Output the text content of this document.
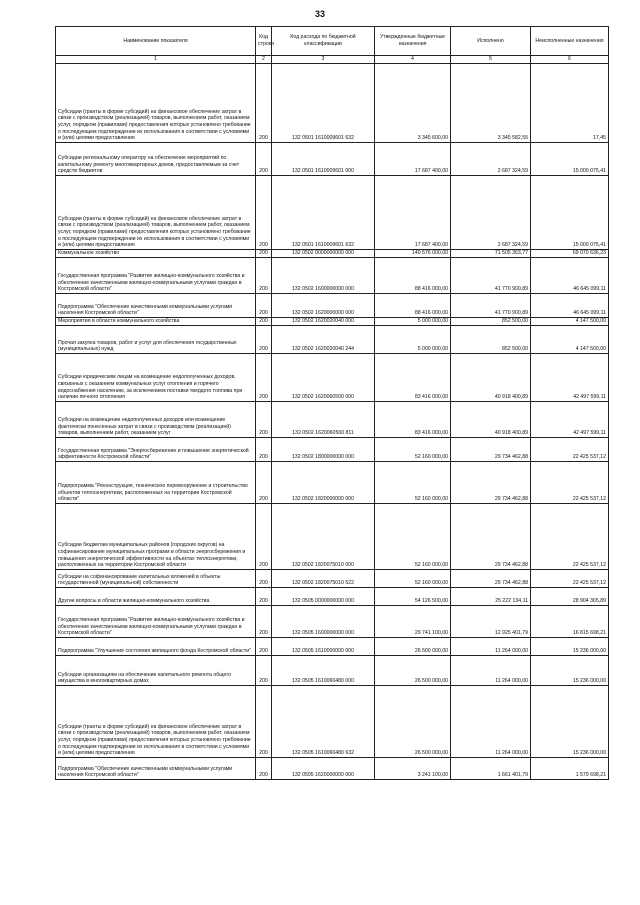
33
Наименование показателя	Код строки	Код расхода по бюджетной классификации	Утвержденные бюджетные назначения	Исполнено	Неисполненные назначения
1	2	3	4	5	6
Субсидии (гранты в форме субсидий) на финансовое обеспечение затрат в связи с производством (реализацией) товаров, выполнением работ, оказанием услуг, порядком (правилами) предоставления которых установлено требование о последующем подтверждении их использования в соответствии с условиями и (или) целями предоставления	200	132 0501 1610009601 632	3 345 600,00	3 345 582,55	17,45
Субсидии региональному оператору на обеспечение мероприятий по капитальному ремонту многоквартирных домов, предоставляемым за счет средств бюджетов	200	132 0501 1610009601 000	17 687 400,00	2 687 324,59	15 000 075,41
Субсидии (гранты в форме субсидий) на финансовое обеспечение затрат в связи с производством (реализацией) товаров, выполнением работ, оказанием услуг, порядком (правилами) предоставления которых установлено требование о последующем подтверждении их использования в соответствии с условиями и (или) целями предоставления	200	132 0501 1610009601 632	17 687 400,00	2 687 324,59	15 000 075,41
Коммунальное хозяйство	200	132 0502 0000000000 000	140 576 000,00	71 505 363,77	69 070 636,23
Государственная программа "Развитие жилищно-коммунального хозяйства и обеспечение качественными жилищно-коммунальными услугами граждан в Костромской области"	200	132 0502 1600000000 000	88 416 000,00	41 770 900,89	46 645 099,11
Подпрограмма "Обеспечение качественными коммунальными услугами населения Костромской области"	200	132 0502 1620000000 000	88 416 000,00	41 770 900,89	46 645 099,11
Мероприятия в области коммунального хозяйства	200	132 0502 1620020040 000	5 000 000,00	852 500,00	4 147 500,00
Прочая закупка товаров, работ и услуг для обеспечения государственных (муниципальных) нужд	200	132 0502 1620020040 244	5 000 000,00	852 500,00	4 147 500,00
Субсидии юридическим лицам на возмещение недополученных доходов, связанных с оказанием коммунальных услуг отопления и горячего водоснабжения населению, за исключением поставки твердого топлива при наличии печного отопления	200	132 0502 1620060500 000	83 416 000,00	40 918 400,89	42 497 599,11
Субсидии на возмещение недополученных доходов или возмещение фактически понесенных затрат в связи с производством (реализацией) товаров, выполнением работ, оказанием услуг	200	132 0502 1620060500 811	83 416 000,00	40 918 400,89	42 497 599,11
Государственная программа "Энергосбережение и повышение энергетической эффективности Костромской области"	200	132 0502 1800000000 000	52 160 000,00	29 734 462,88	22 425 537,12
Подпрограмма "Реконструкция, техническое перевооружение и строительство объектов теплоэнергетики, расположенных на территории Костромской области"	200	132 0502 1820000000 000	52 160 000,00	29 734 462,88	22 425 537,12
Субсидии бюджетам муниципальных районов (городских округов) на софинансирование муниципальных программ в области энергосбережения и повышения энергетической эффективности на объектах теплоэнергетики, расположенных на территории Костромской области	200	132 0502 1820075010 000	52 160 000,00	29 734 462,88	22 425 537,12
Субсидии на софинансирование капитальных вложений в объекты государственной (муниципальной) собственности	200	132 0502 1820075010 522	52 160 000,00	29 734 462,88	22 425 537,12
Другие вопросы в области жилищно-коммунального хозяйства	200	132 0505 0000000000 000	54 126 500,00	25 222 134,11	28 904 365,89
Государственная программа "Развитие жилищно-коммунального хозяйства и обеспечение качественными жилищно-коммунальными услугами граждан в Костромской области"	200	132 0505 1600000000 000	29 741 100,00	12 925 401,79	16 815 698,21
Подпрограмма "Улучшение состояния жилищного фонда Костромской области"	200	132 0505 1610000000 000	26 500 000,00	11 264 000,00	15 236 000,00
Субсидии организациям на обеспечение капитального ремонта общего имущества в многоквартирных домах	200	132 0505 1610060480 000	26 500 000,00	11 264 000,00	15 236 000,00
Субсидии (гранты в форме субсидий) на финансовое обеспечение затрат в связи с производством (реализацией) товаров, выполнением работ, оказанием услуг, порядком (правилами) предоставления которых установлено требование о последующем подтверждении их использования в соответствии с условиями и (или) целями предоставления	200	132 0505 1610060480 632	26 500 000,00	11 264 000,00	15 236 000,00
Подпрограмма "Обеспечение качественными коммунальными услугами населения Костромской области"	200	132 0505 1620000000 000	3 241 100,00	1 661 401,79	1 579 698,21
